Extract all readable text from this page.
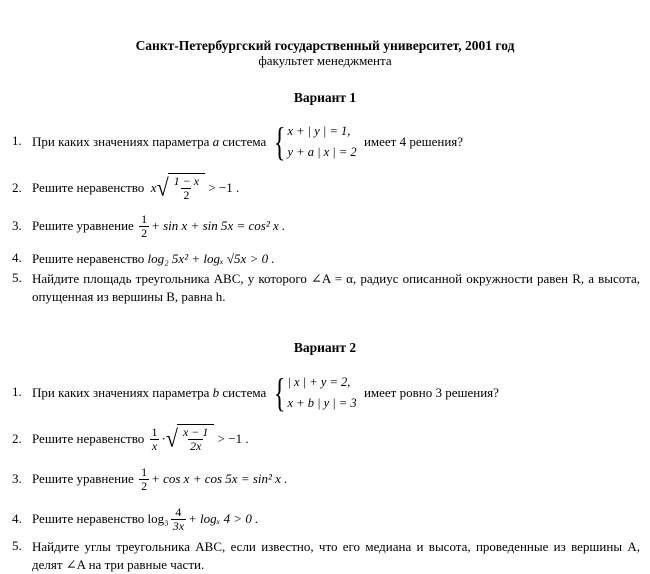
Санкт-Петербургский государственный университет, 2001 год
факультет менеджмента
Вариант 1
1. При каких значениях параметра
a
система { x + | y | = 1,
y + a | x | = 2

имеет 4 решения?
2. Решите неравенство
x √ $\frac{1 - x}{2}$
> −1 .
3. Решите уравнение
$\frac{1}{2} + \sin x + \sin 5x = \cos^2$ x .
4. Решите неравенство
log₂ 5x² + logₓ √5x > 0 .
5. Найдите площадь треугольника ABC, у которого ∠A = α, радиус описанной окружности равен R, а высота, опущенная из вершины B, равна h.
Вариант 2
1. При каких значениях параметра
b
система { | x | + y = 2,
x + b | y | = 3

имеет ровно 3 решения?
2. Решите неравенство
$\frac{1}{x}$ · √ $\frac{x - 1}{2x}$
> −1 .
3. Решите уравнение
$\frac{1}{2} + \cos x + \cos 5x = \sin^2$ x .
4. Решите неравенство
$\log_3 \frac{4}{3x} + \log_x$ 4 > 0 .
5. Найдите углы треугольника ABC, если известно, что его медиана и высота, проведенные из вершины A, делят ∠A на три равные части.
